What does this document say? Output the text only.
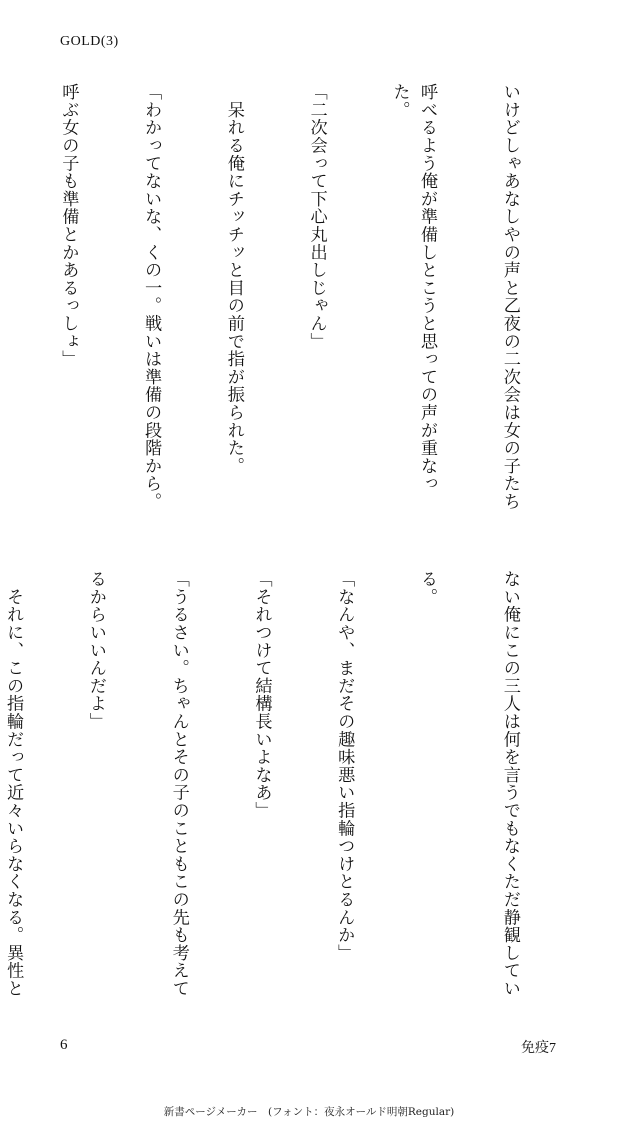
GOLD(3)

いけどしゃあなしやの声と乙夜の二次会は女の子たち

呼べるよう俺が準備しとこうと思っての声が重なった。

「二次会って下心丸出しじゃん」

　呆れる俺にチッチッと目の前で指が振られた。

「わかってないな、くの一。戦いは準備の段階から。

呼ぶ女の子も準備とかあるっしょ」

ない俺にこの三人は何を言うでもなくただ静観してい

る。

「なんや、まだその趣味悪い指輪つけとるんか」

「それつけて結構長いよなあ」

「うるさい。ちゃんとその子のこともこの先も考えて

るからいいんだよ」

　それに、この指輪だって近々いらなくなる。異性と

6	免疫7
新書ページメーカー　(フォント：夜永オールド明朝Regular)
